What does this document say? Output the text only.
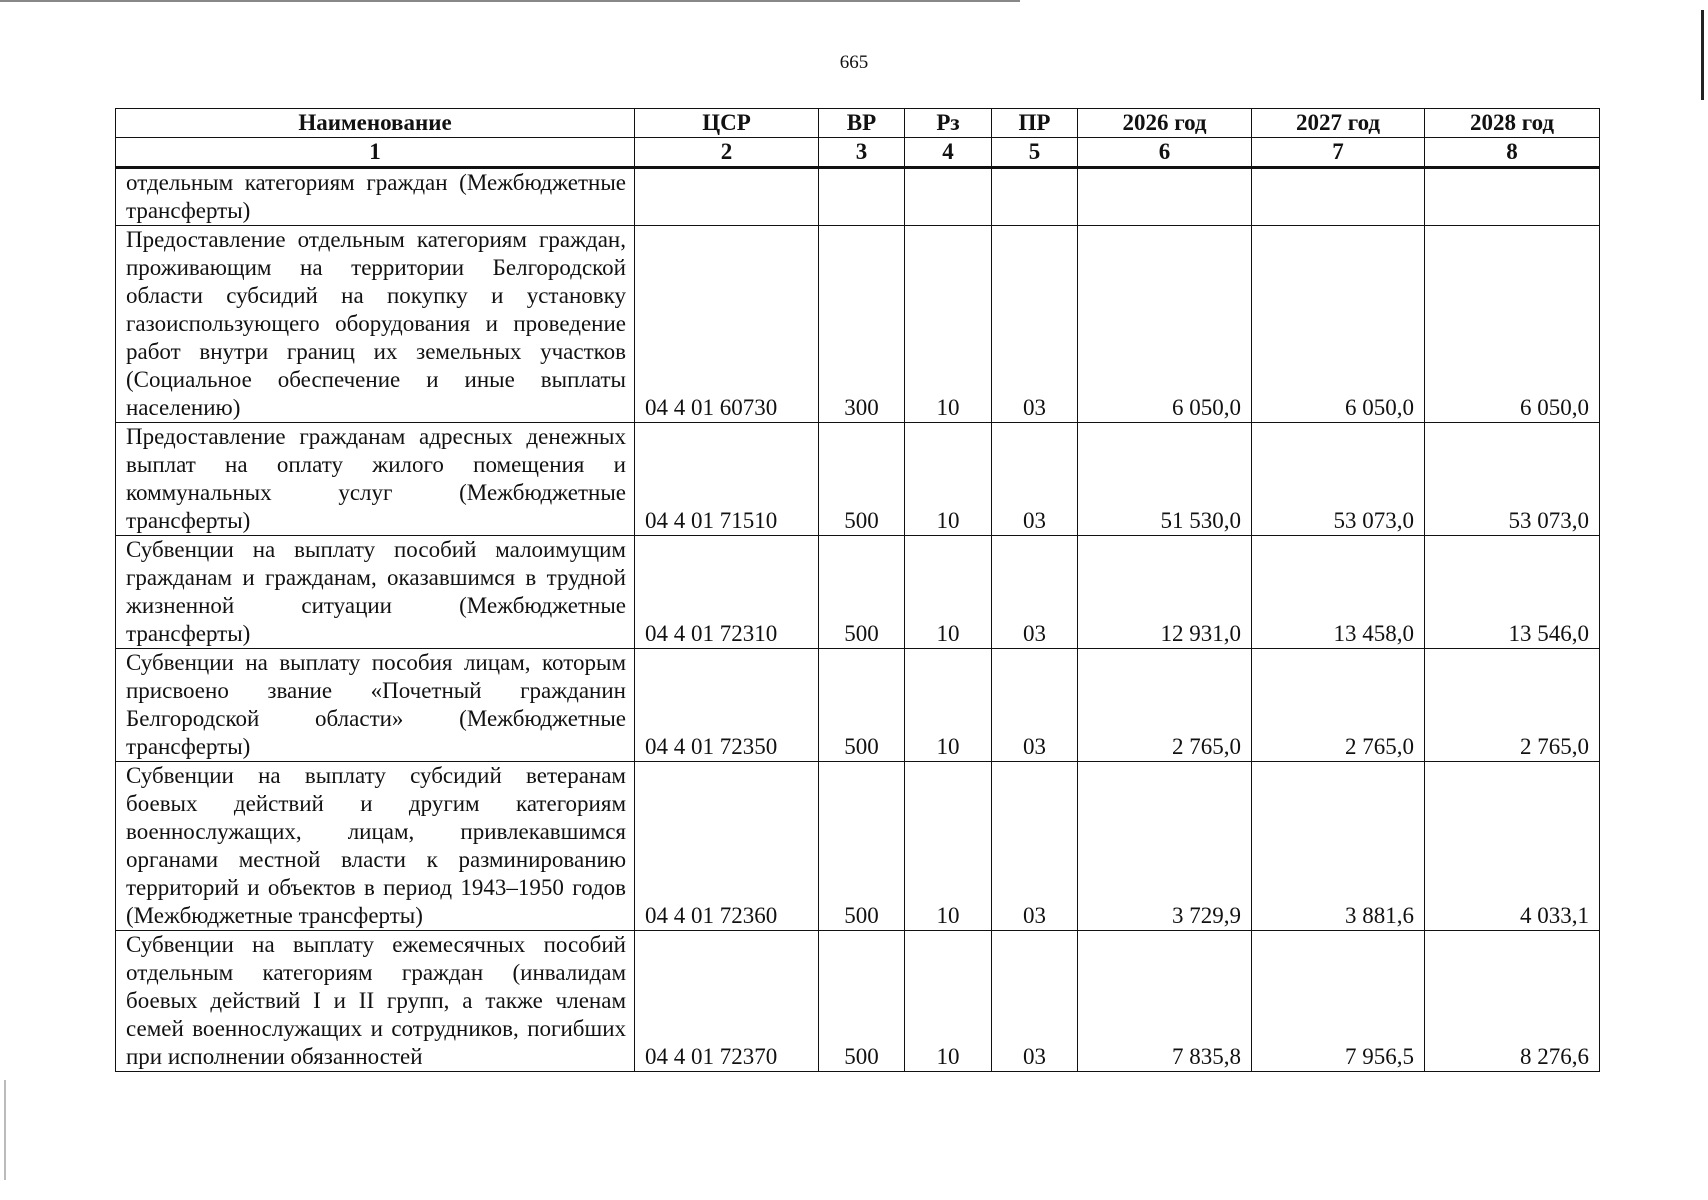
665
Наименование	ЦСР	ВР	Рз	ПР	2026 год	2027 год	2028 год
1	2	3	4	5	6	7	8
отдельным категориям граждан (Межбюджетные трансферты)							
Предоставление отдельным категориям граждан, проживающим на территории Белгородской области субсидий на покупку и установку газоиспользующего оборудования и проведение работ внутри границ их земельных участков (Социальное обеспечение и иные выплаты населению)	04 4 01 60730	300	10	03	6 050,0	6 050,0	6 050,0
Предоставление гражданам адресных денежных выплат на оплату жилого помещения и коммунальных услуг (Межбюджетные трансферты)	04 4 01 71510	500	10	03	51 530,0	53 073,0	53 073,0
Субвенции на выплату пособий малоимущим гражданам и гражданам, оказавшимся в трудной жизненной ситуации (Межбюджетные трансферты)	04 4 01 72310	500	10	03	12 931,0	13 458,0	13 546,0
Субвенции на выплату пособия лицам, которым присвоено звание «Почетный гражданин Белгородской области» (Межбюджетные трансферты)	04 4 01 72350	500	10	03	2 765,0	2 765,0	2 765,0
Субвенции на выплату субсидий ветеранам боевых действий и другим категориям военнослужащих, лицам, привлекавшимся органами местной власти к разминированию территорий и объектов в период 1943–1950 годов (Межбюджетные трансферты)	04 4 01 72360	500	10	03	3 729,9	3 881,6	4 033,1
Субвенции на выплату ежемесячных пособий отдельным категориям граждан (инвалидам боевых действий I и II групп, а также членам семей военнослужащих и сотрудников, погибших при исполнении обязанностей	04 4 01 72370	500	10	03	7 835,8	7 956,5	8 276,6
